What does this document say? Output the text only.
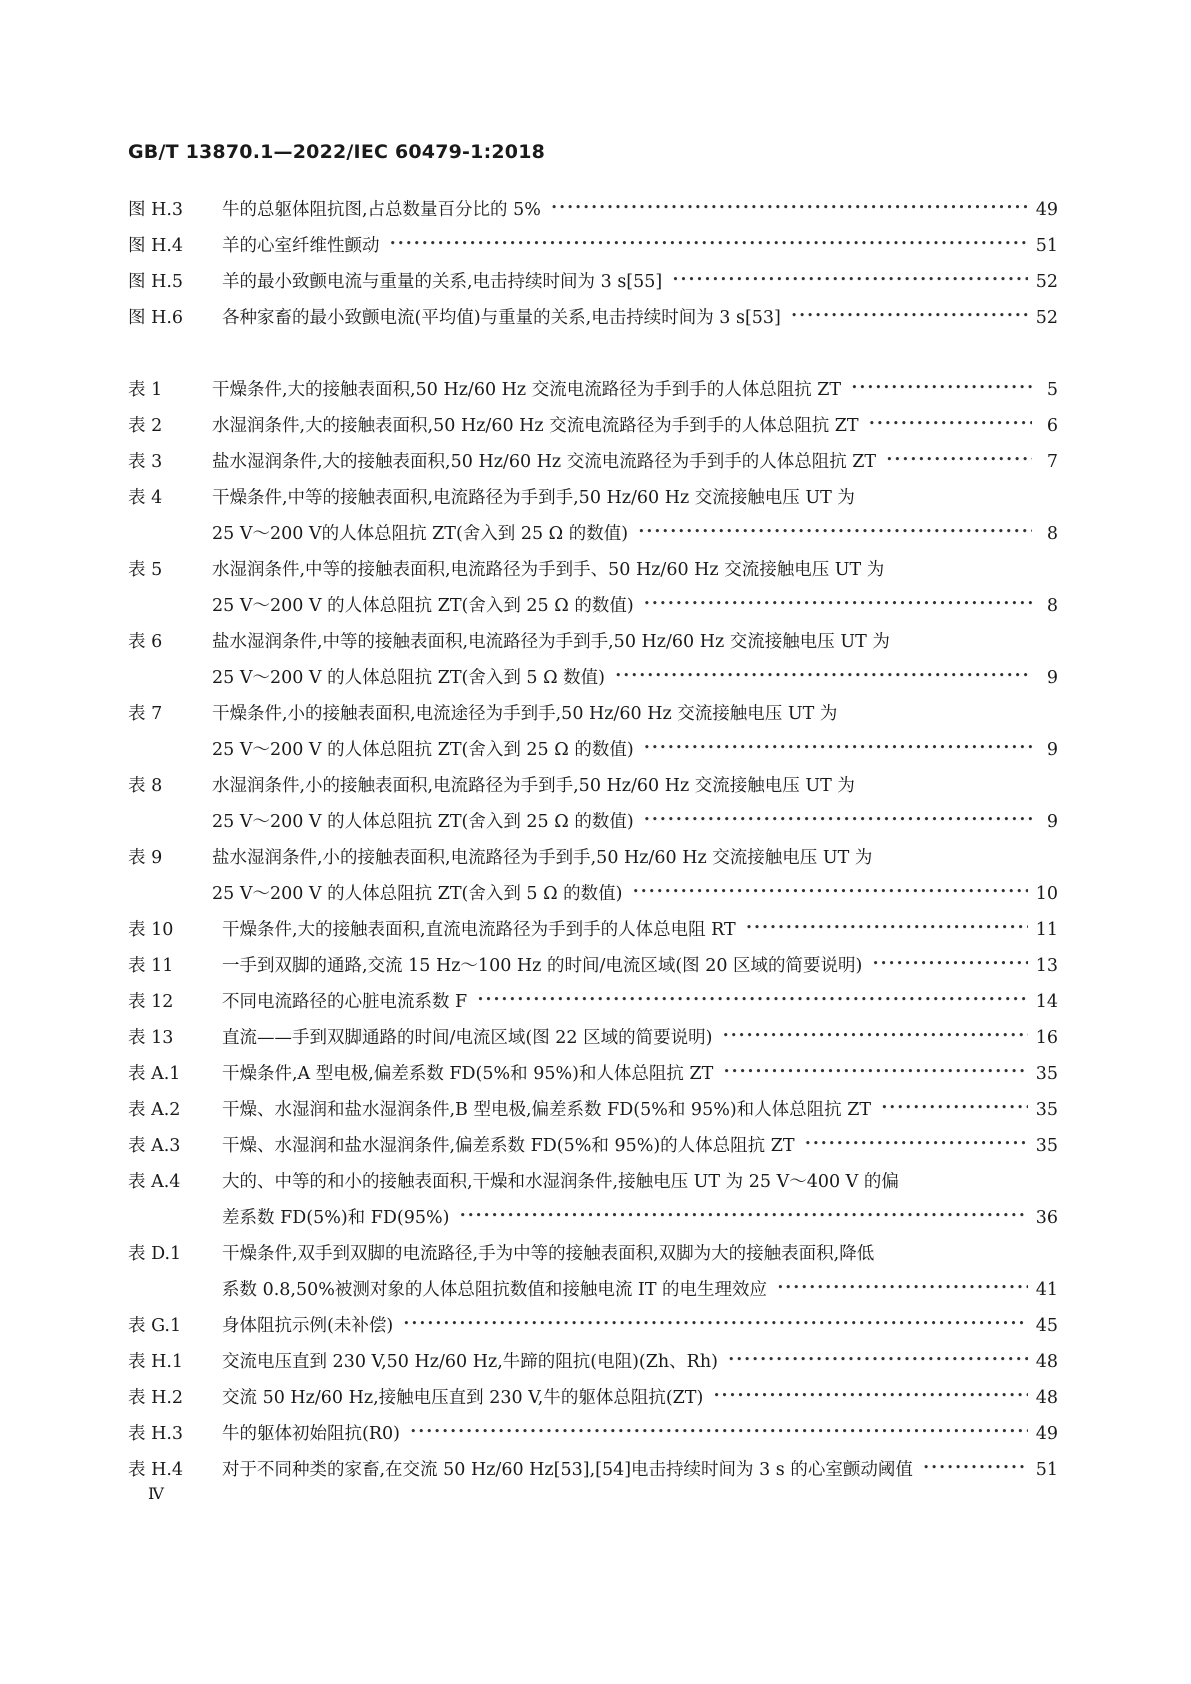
GB/T 13870.1—2022/IEC 60479-1:2018
图 H.3	牛的总躯体阻抗图,占总数量百分比的 5% •••••	49
图 H.4	羊的心室纤维性颤动 •••••	51
图 H.5	羊的最小致颤电流与重量的关系,电击持续时间为 3 s[55] •••••	52
图 H.6	各种家畜的最小致颤电流(平均值)与重量的关系,电击持续时间为 3 s[53] •••••	52
表 1	干燥条件,大的接触表面积,50 Hz/60 Hz 交流电流路径为手到手的人体总阻抗 ZT •••••	5
表 2	水湿润条件,大的接触表面积,50 Hz/60 Hz 交流电流路径为手到手的人体总阻抗 ZT •••••	6
表 3	盐水湿润条件,大的接触表面积,50 Hz/60 Hz 交流电流路径为手到手的人体总阻抗 ZT •••••	7
表 4	干燥条件,中等的接触表面积,电流路径为手到手,50 Hz/60 Hz 交流接触电压 UT 为
25 V～200 V的人体总阻抗 ZT(舍入到 25 Ω 的数值) •••••	8
表 5	水湿润条件,中等的接触表面积,电流路径为手到手、50 Hz/60 Hz 交流接触电压 UT 为
25 V～200 V 的人体总阻抗 ZT(舍入到 25 Ω 的数值) •••••	8
表 6	盐水湿润条件,中等的接触表面积,电流路径为手到手,50 Hz/60 Hz 交流接触电压 UT 为
25 V～200 V 的人体总阻抗 ZT(舍入到 5 Ω 数值) •••••	9
表 7	干燥条件,小的接触表面积,电流途径为手到手,50 Hz/60 Hz 交流接触电压 UT 为
25 V～200 V 的人体总阻抗 ZT(舍入到 25 Ω 的数值) •••••	9
表 8	水湿润条件,小的接触表面积,电流路径为手到手,50 Hz/60 Hz 交流接触电压 UT 为
25 V～200 V 的人体总阻抗 ZT(舍入到 25 Ω 的数值) •••••	9
表 9	盐水湿润条件,小的接触表面积,电流路径为手到手,50 Hz/60 Hz 交流接触电压 UT 为
25 V～200 V 的人体总阻抗 ZT(舍入到 5 Ω 的数值) •••••	10
表 10	干燥条件,大的接触表面积,直流电流路径为手到手的人体总电阻 RT •••••	11
表 11	一手到双脚的通路,交流 15 Hz～100 Hz 的时间/电流区域(图 20 区域的简要说明) •••••	13
表 12	不同电流路径的心脏电流系数 F •••••	14
表 13	直流——手到双脚通路的时间/电流区域(图 22 区域的简要说明) •••••	16
表 A.1	干燥条件,A 型电极,偏差系数 FD(5%和 95%)和人体总阻抗 ZT •••••	35
表 A.2	干燥、水湿润和盐水湿润条件,B 型电极,偏差系数 FD(5%和 95%)和人体总阻抗 ZT •••••	35
表 A.3	干燥、水湿润和盐水湿润条件,偏差系数 FD(5%和 95%)的人体总阻抗 ZT •••••	35
表 A.4	大的、中等的和小的接触表面积,干燥和水湿润条件,接触电压 UT 为 25 V～400 V 的偏
差系数 FD(5%)和 FD(95%) •••••	36
表 D.1	干燥条件,双手到双脚的电流路径,手为中等的接触表面积,双脚为大的接触表面积,降低
系数 0.8,50%被测对象的人体总阻抗数值和接触电流 IT 的电生理效应 •••••	41
表 G.1	身体阻抗示例(未补偿) •••••	45
表 H.1	交流电压直到 230 V,50 Hz/60 Hz,牛蹄的阻抗(电阻)(Zh、Rh) •••••	48
表 H.2	交流 50 Hz/60 Hz,接触电压直到 230 V,牛的躯体总阻抗(ZT) •••••	48
表 H.3	牛的躯体初始阻抗(R0) •••••	49
表 H.4	对于不同种类的家畜,在交流 50 Hz/60 Hz[53],[54]电击持续时间为 3 s 的心室颤动阈值 •••••	51
Ⅳ
